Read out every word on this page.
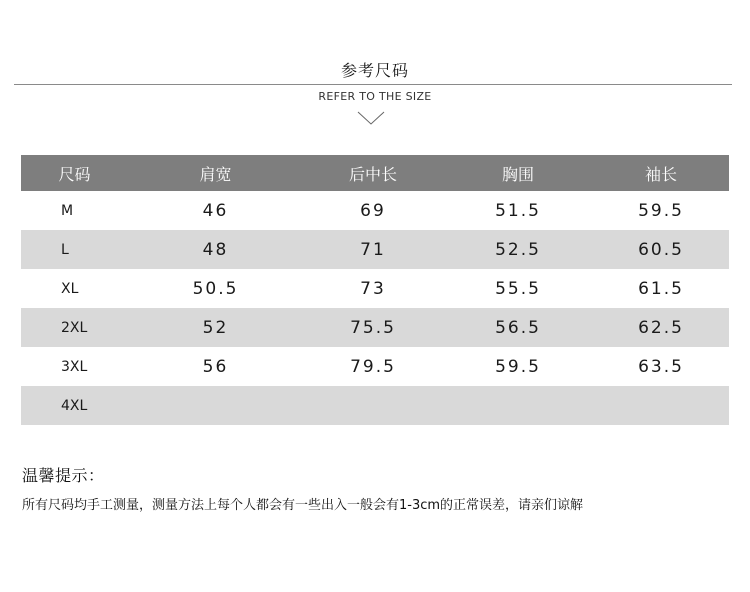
参考尺码
REFER TO THE SIZE
尺码	肩宽	后中长	胸围	袖长
M	46	69	51.5	59.5
L	48	71	52.5	60.5
XL	50.5	73	55.5	61.5
2XL	52	75.5	56.5	62.5
3XL	56	79.5	59.5	63.5
4XL				
温馨提示：
所有尺码均手工测量，测量方法上每个人都会有一些出入一般会有1-3cm的正常误差，请亲们谅解
